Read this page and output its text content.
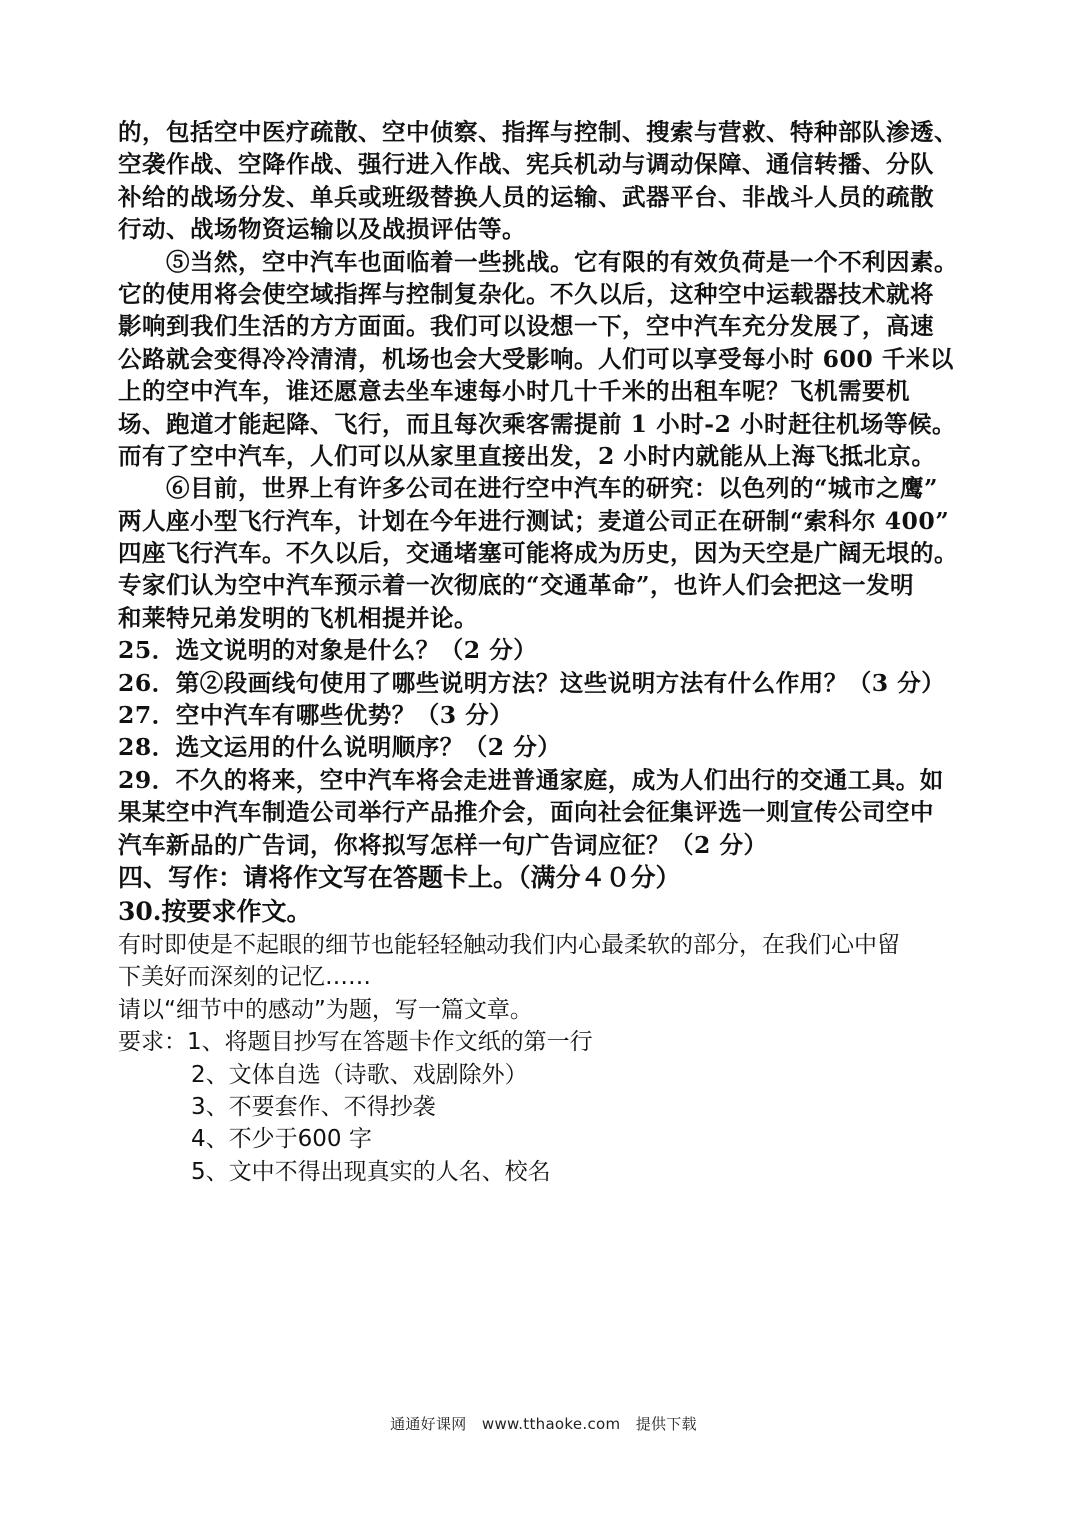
的，包括空中医疗疏散、空中侦察、指挥与控制、搜索与营救、特种部队渗透、
空袭作战、空降作战、强行进入作战、宪兵机动与调动保障、通信转播、分队
补给的战场分发、单兵或班级替换人员的运输、武器平台、非战斗人员的疏散
行动、战场物资运输以及战损评估等。
　　⑤当然，空中汽车也面临着一些挑战。它有限的有效负荷是一个不利因素。
它的使用将会使空域指挥与控制复杂化。不久以后，这种空中运载器技术就将
影响到我们生活的方方面面。我们可以设想一下，空中汽车充分发展了，高速
公路就会变得冷冷清清，机场也会大受影响。人们可以享受每小时 600 千米以
上的空中汽车，谁还愿意去坐车速每小时几十千米的出租车呢？飞机需要机
场、跑道才能起降、飞行，而且每次乘客需提前 1 小时-2 小时赶往机场等候。
而有了空中汽车，人们可以从家里直接出发，2 小时内就能从上海飞抵北京。
　　⑥目前，世界上有许多公司在进行空中汽车的研究：以色列的“城市之鹰”
两人座小型飞行汽车，计划在今年进行测试；麦道公司正在研制“索科尔 400”
四座飞行汽车。不久以后，交通堵塞可能将成为历史，因为天空是广阔无垠的。
专家们认为空中汽车预示着一次彻底的“交通革命”，也许人们会把这一发明
和莱特兄弟发明的飞机相提并论。
25．选文说明的对象是什么？（2 分）
26．第②段画线句使用了哪些说明方法？这些说明方法有什么作用？（3 分）
27．空中汽车有哪些优势？（3 分）
28．选文运用的什么说明顺序？（2 分）
29．不久的将来，空中汽车将会走进普通家庭，成为人们出行的交通工具。如
果某空中汽车制造公司举行产品推介会，面向社会征集评选一则宣传公司空中
汽车新品的广告词，你将拟写怎样一句广告词应征？（2 分）
四、写作：请将作文写在答题卡上。（满分４０分）
30.按要求作文。
有时即使是不起眼的细节也能轻轻触动我们内心最柔软的部分，在我们心中留
下美好而深刻的记忆……
请以“细节中的感动”为题，写一篇文章。
要求：1、将题目抄写在答题卡作文纸的第一行
2、文体自选（诗歌、戏剧除外）
3、不要套作、不得抄袭
4、不少于600 字
5、文中不得出现真实的人名、校名
通通好课网　www.tthaoke.com　提供下载
